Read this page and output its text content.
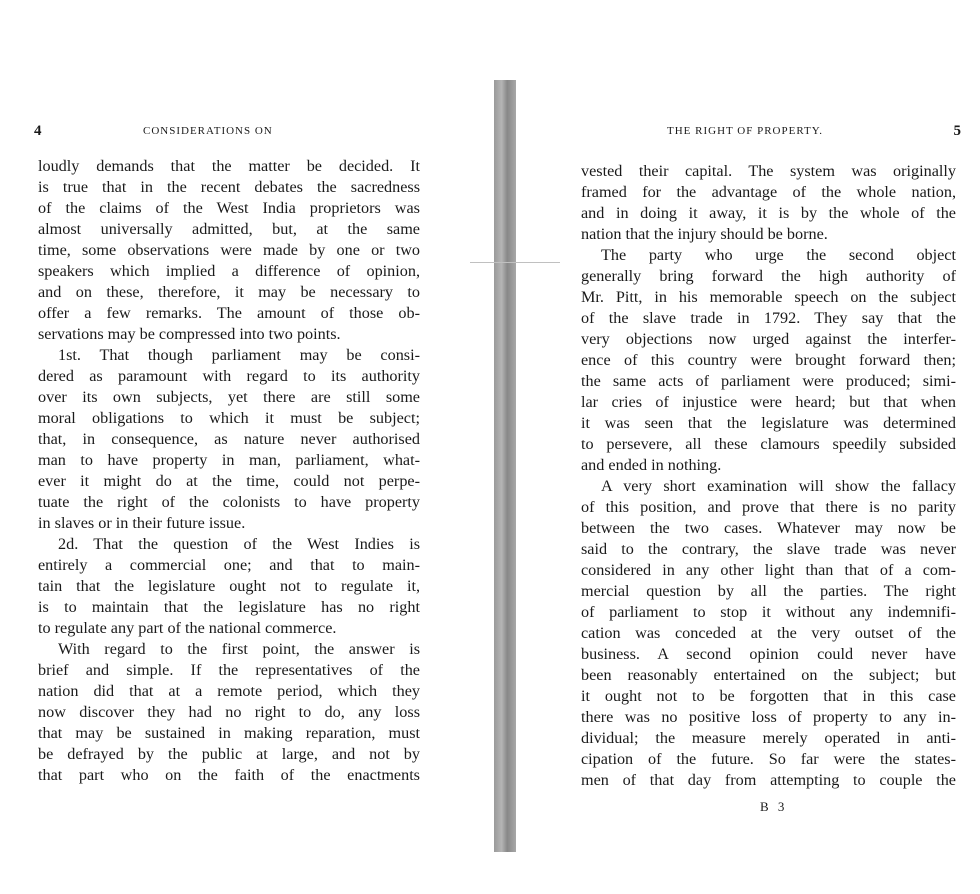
4	CONSIDERATIONS ON
loudly demands that the matter be decided. It
is true that in the recent debates the sacredness
of the claims of the West India proprietors was
almost universally admitted, but, at the same
time, some observations were made by one or two
speakers which implied a difference of opinion,
and on these, therefore, it may be necessary to
offer a few remarks. The amount of those ob-
servations may be compressed into two points.
1st. That though parliament may be consi-
dered as paramount with regard to its authority
over its own subjects, yet there are still some
moral obligations to which it must be subject;
that, in consequence, as nature never authorised
man to have property in man, parliament, what-
ever it might do at the time, could not perpe-
tuate the right of the colonists to have property
in slaves or in their future issue.
2d. That the question of the West Indies is
entirely a commercial one; and that to main-
tain that the legislature ought not to regulate it,
is to maintain that the legislature has no right
to regulate any part of the national commerce.
With regard to the first point, the answer is
brief and simple. If the representatives of the
nation did that at a remote period, which they
now discover they had no right to do, any loss
that may be sustained in making reparation, must
be defrayed by the public at large, and not by
that part who on the faith of the enactments
THE RIGHT OF PROPERTY.	5
vested their capital. The system was originally
framed for the advantage of the whole nation,
and in doing it away, it is by the whole of the
nation that the injury should be borne.
The party who urge the second object
generally bring forward the high authority of
Mr. Pitt, in his memorable speech on the subject
of the slave trade in 1792. They say that the
very objections now urged against the interfer-
ence of this country were brought forward then;
the same acts of parliament were produced; simi-
lar cries of injustice were heard; but that when
it was seen that the legislature was determined
to persevere, all these clamours speedily subsided
and ended in nothing.
A very short examination will show the fallacy
of this position, and prove that there is no parity
between the two cases. Whatever may now be
said to the contrary, the slave trade was never
considered in any other light than that of a com-
mercial question by all the parties. The right
of parliament to stop it without any indemnifi-
cation was conceded at the very outset of the
business. A second opinion could never have
been reasonably entertained on the subject; but
it ought not to be forgotten that in this case
there was no positive loss of property to any in-
dividual; the measure merely operated in anti-
cipation of the future. So far were the states-
men of that day from attempting to couple the
B 3
